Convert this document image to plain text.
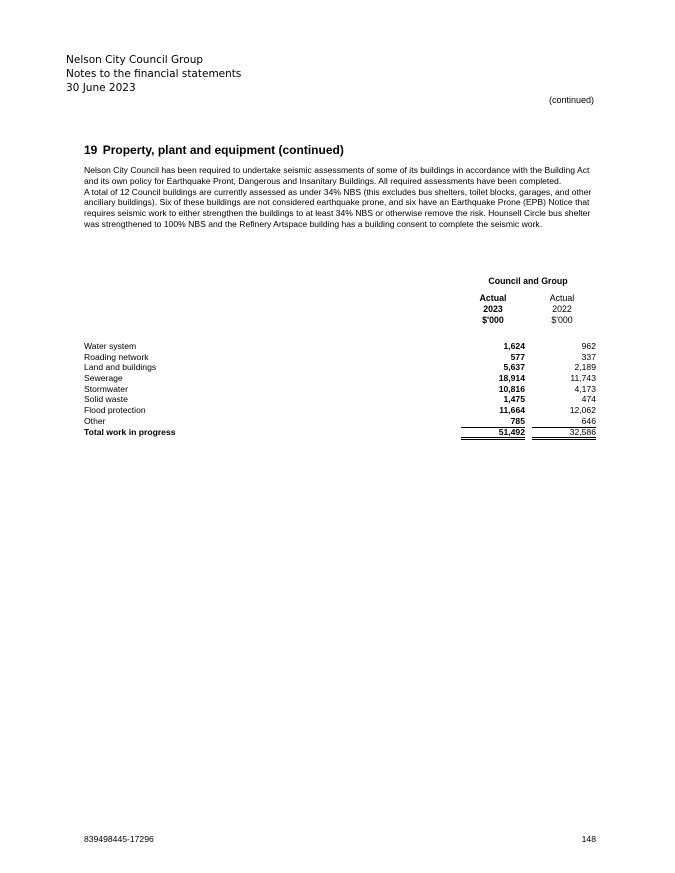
Nelson City Council Group
Notes to the financial statements
30 June 2023
(continued)
19 Property, plant and equipment (continued)

Nelson City Council has been required to undertake seismic assessments of some of its buildings in accordance with the Building Act and its own policy for Earthquake Pront, Dangerous and Insanitary Buildings. All required assessments have been completed.

A total of 12 Council buildings are currently assessed as under 34% NBS (this excludes bus shelters, toilet blocks, garages, and other anciliary buildings). Six of these buildings are not considered earthquake prone, and six have an Earthquake Prone (EPB) Notice that requires seismic work to either strengthen the buildings to at least 34% NBS or otherwise remove the risk. Hounsell Circle bus shelter was strengthened to 100% NBS and the Refinery Artspace building has a building consent to complete the seismic work.

Council and Group
Actual
2023
$'000
Actual
2022
$'000
Water system	1,624	962
Roading network	577	337
Land and buildings	5,637	2,189
Sewerage	18,914	11,743
Stormwater	10,816	4,173
Solid waste	1,475	474
Flood protection	11,664	12,062
Other	785	646
Total work in progress	51,492	32,586
839498445-17296	148
